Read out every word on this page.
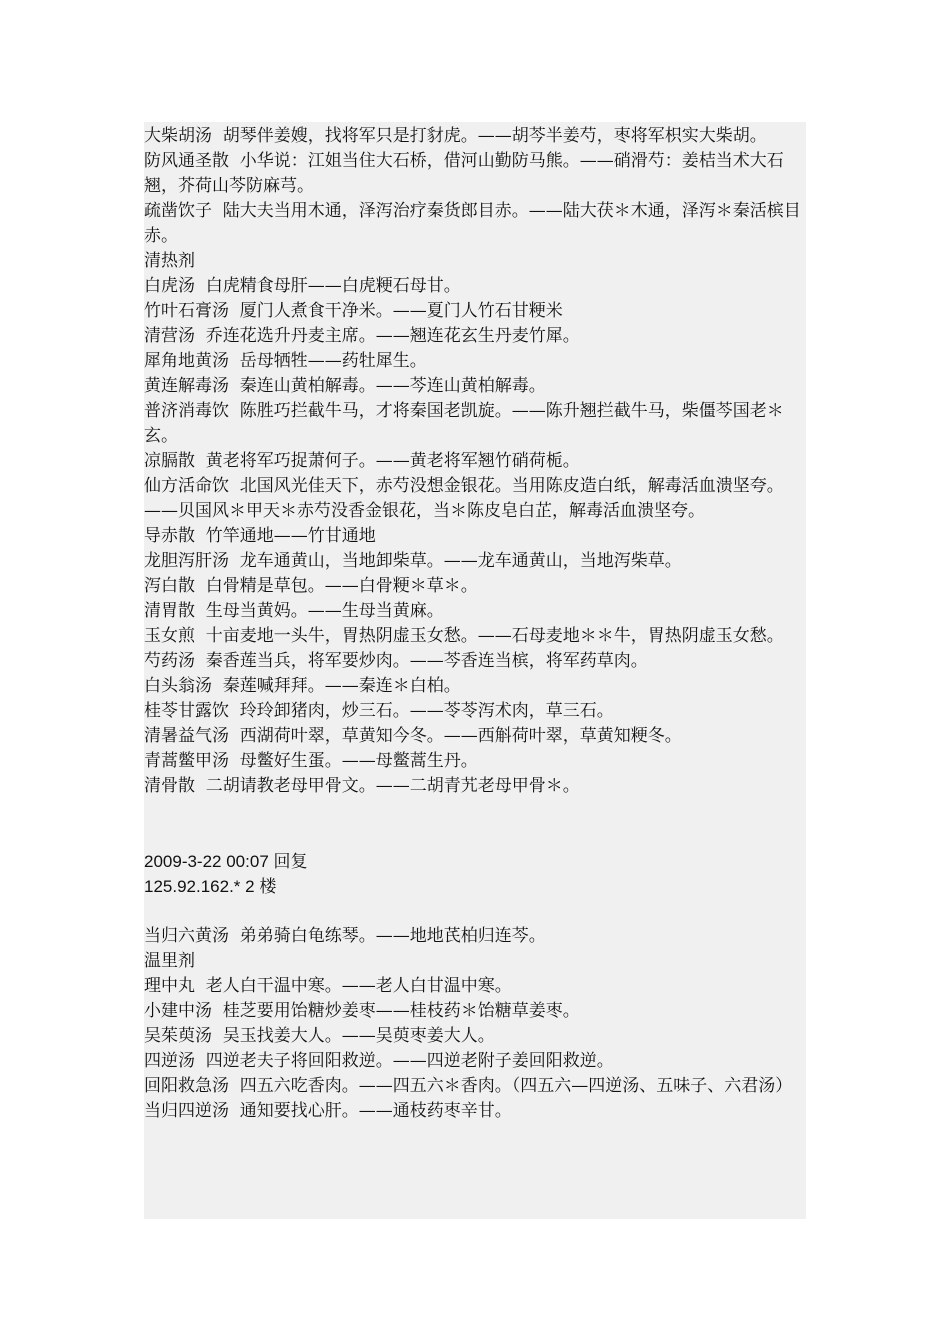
大柴胡汤  胡琴伴姜嫂，找将军只是打豺虎。——胡芩半姜芍，枣将军枳实大柴胡。
防风通圣散  小华说：江姐当住大石桥，借河山勤防马熊。——硝滑芍：姜桔当术大石翘，芥荷山芩防麻芎。
疏凿饮子  陆大夫当用木通，泽泻治疗秦货郎目赤。——陆大茯＊木通，泽泻＊秦活槟目赤。
清热剂
白虎汤  白虎精食母肝——白虎粳石母甘。
竹叶石膏汤  厦门人煮食干净米。——夏门人竹石甘粳米
清营汤  乔连花选升丹麦主席。——翘连花玄生丹麦竹犀。
犀角地黄汤  岳母牺牲——药牡犀生。
黄连解毒汤  秦连山黄柏解毒。——芩连山黄柏解毒。
普济消毒饮  陈胜巧拦截牛马，才将秦国老凯旋。——陈升翘拦截牛马，柴僵芩国老＊玄。
凉膈散  黄老将军巧捉萧何子。——黄老将军翘竹硝荷栀。
仙方活命饮  北国风光佳天下，赤芍没想金银花。当用陈皮造白纸，解毒活血溃坚夸。——贝国风＊甲天＊赤芍没香金银花，当＊陈皮皂白芷，解毒活血溃坚夸。
导赤散  竹竿通地——竹甘通地
龙胆泻肝汤  龙车通黄山，当地卸柴草。——龙车通黄山，当地泻柴草。
泻白散  白骨精是草包。——白骨粳＊草＊。
清胃散  生母当黄妈。——生母当黄麻。
玉女煎  十亩麦地一头牛，胃热阴虚玉女愁。——石母麦地＊＊牛，胃热阴虚玉女愁。
芍药汤  秦香莲当兵，将军要炒肉。——芩香连当槟，将军药草肉。
白头翁汤  秦莲喊拜拜。——秦连＊白柏。
桂苓甘露饮  玲玲卸猪肉，炒三石。——苓苓泻术肉，草三石。
清暑益气汤  西湖荷叶翠，草黄知今冬。——西斛荷叶翠，草黄知粳冬。
青蒿鳖甲汤  母鳖好生蛋。——母鳖蒿生丹。
清骨散  二胡请教老母甲骨文。——二胡青艽老母甲骨＊。
2009-3-22 00:07 回复
125.92.162.* 2 楼
当归六黄汤  弟弟骑白龟练琴。——地地芪柏归连芩。
温里剂
理中丸  老人白干温中寒。——老人白甘温中寒。
小建中汤  桂芝要用饴糖炒姜枣——桂枝药＊饴糖草姜枣。
吴茱萸汤  吴玉找姜大人。——吴萸枣姜大人。
四逆汤  四逆老夫子将回阳救逆。——四逆老附子姜回阳救逆。
回阳救急汤  四五六吃香肉。——四五六＊香肉。（四五六—四逆汤、五味子、六君汤）
当归四逆汤  通知要找心肝。——通枝药枣辛甘。
